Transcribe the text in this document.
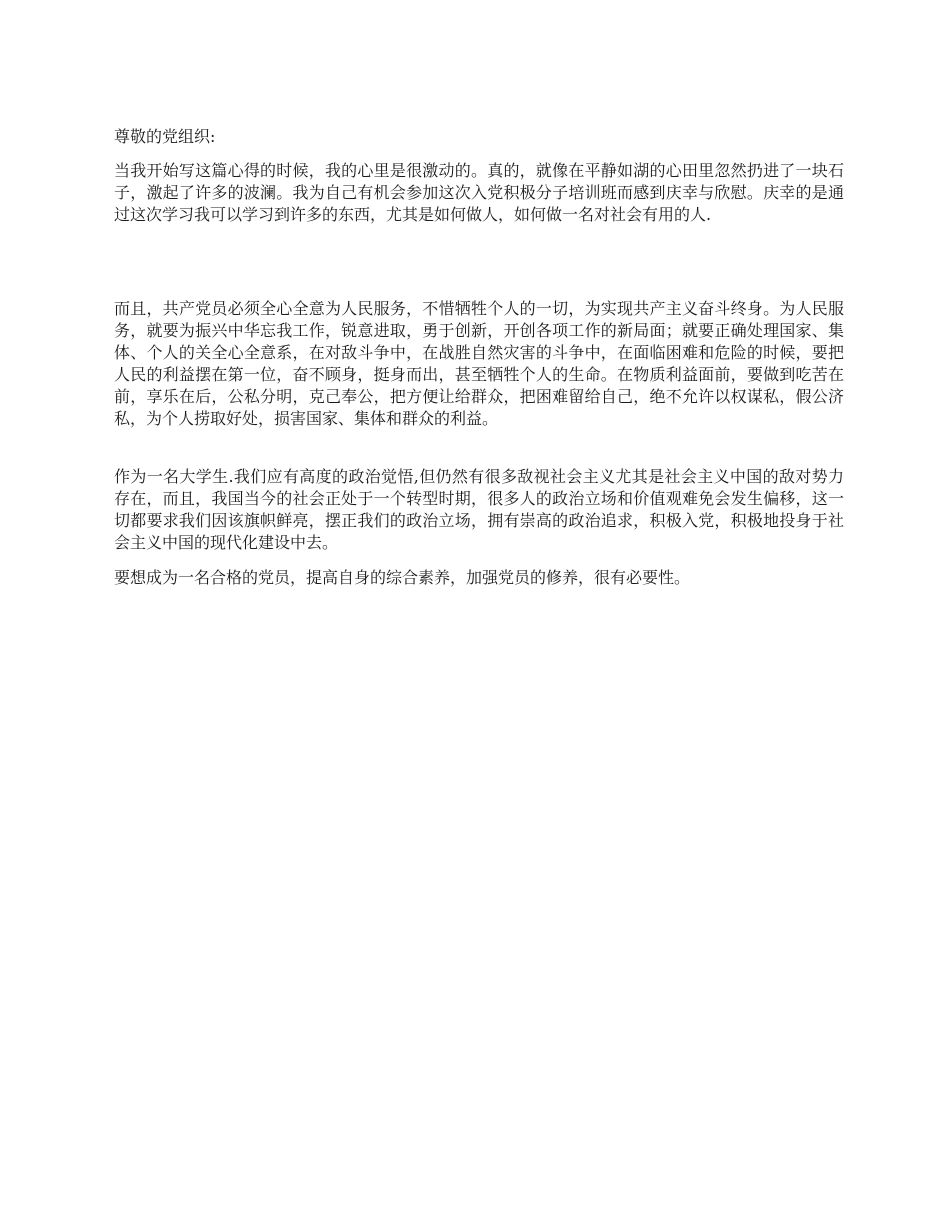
尊敬的党组织:

当我开始写这篇心得的时候，我的心里是很激动的。真的，就像在平静如湖的心田里忽然扔进了一块石子，激起了许多的波澜。我为自己有机会参加这次入党积极分子培训班而感到庆幸与欣慰。庆幸的是通过这次学习我可以学习到许多的东西，尤其是如何做人，如何做一名对社会有用的人.

而且，共产党员必须全心全意为人民服务，不惜牺牲个人的一切，为实现共产主义奋斗终身。为人民服务，就要为振兴中华忘我工作，锐意进取，勇于创新，开创各项工作的新局面；就要正确处理国家、集体、个人的关全心全意系，在对敌斗争中，在战胜自然灾害的斗争中，在面临困难和危险的时候，要把人民的利益摆在第一位，奋不顾身，挺身而出，甚至牺牲个人的生命。在物质利益面前，要做到吃苦在前，享乐在后，公私分明，克己奉公，把方便让给群众，把困难留给自己，绝不允许以权谋私，假公济私，为个人捞取好处，损害国家、集体和群众的利益。

作为一名大学生.我们应有高度的政治觉悟,但仍然有很多敌视社会主义尤其是社会主义中国的敌对势力存在，而且，我国当今的社会正处于一个转型时期，很多人的政治立场和价值观难免会发生偏移，这一切都要求我们因该旗帜鲜亮，摆正我们的政治立场，拥有崇高的政治追求，积极入党，积极地投身于社会主义中国的现代化建设中去。

要想成为一名合格的党员，提高自身的综合素养，加强党员的修养，很有必要性。
